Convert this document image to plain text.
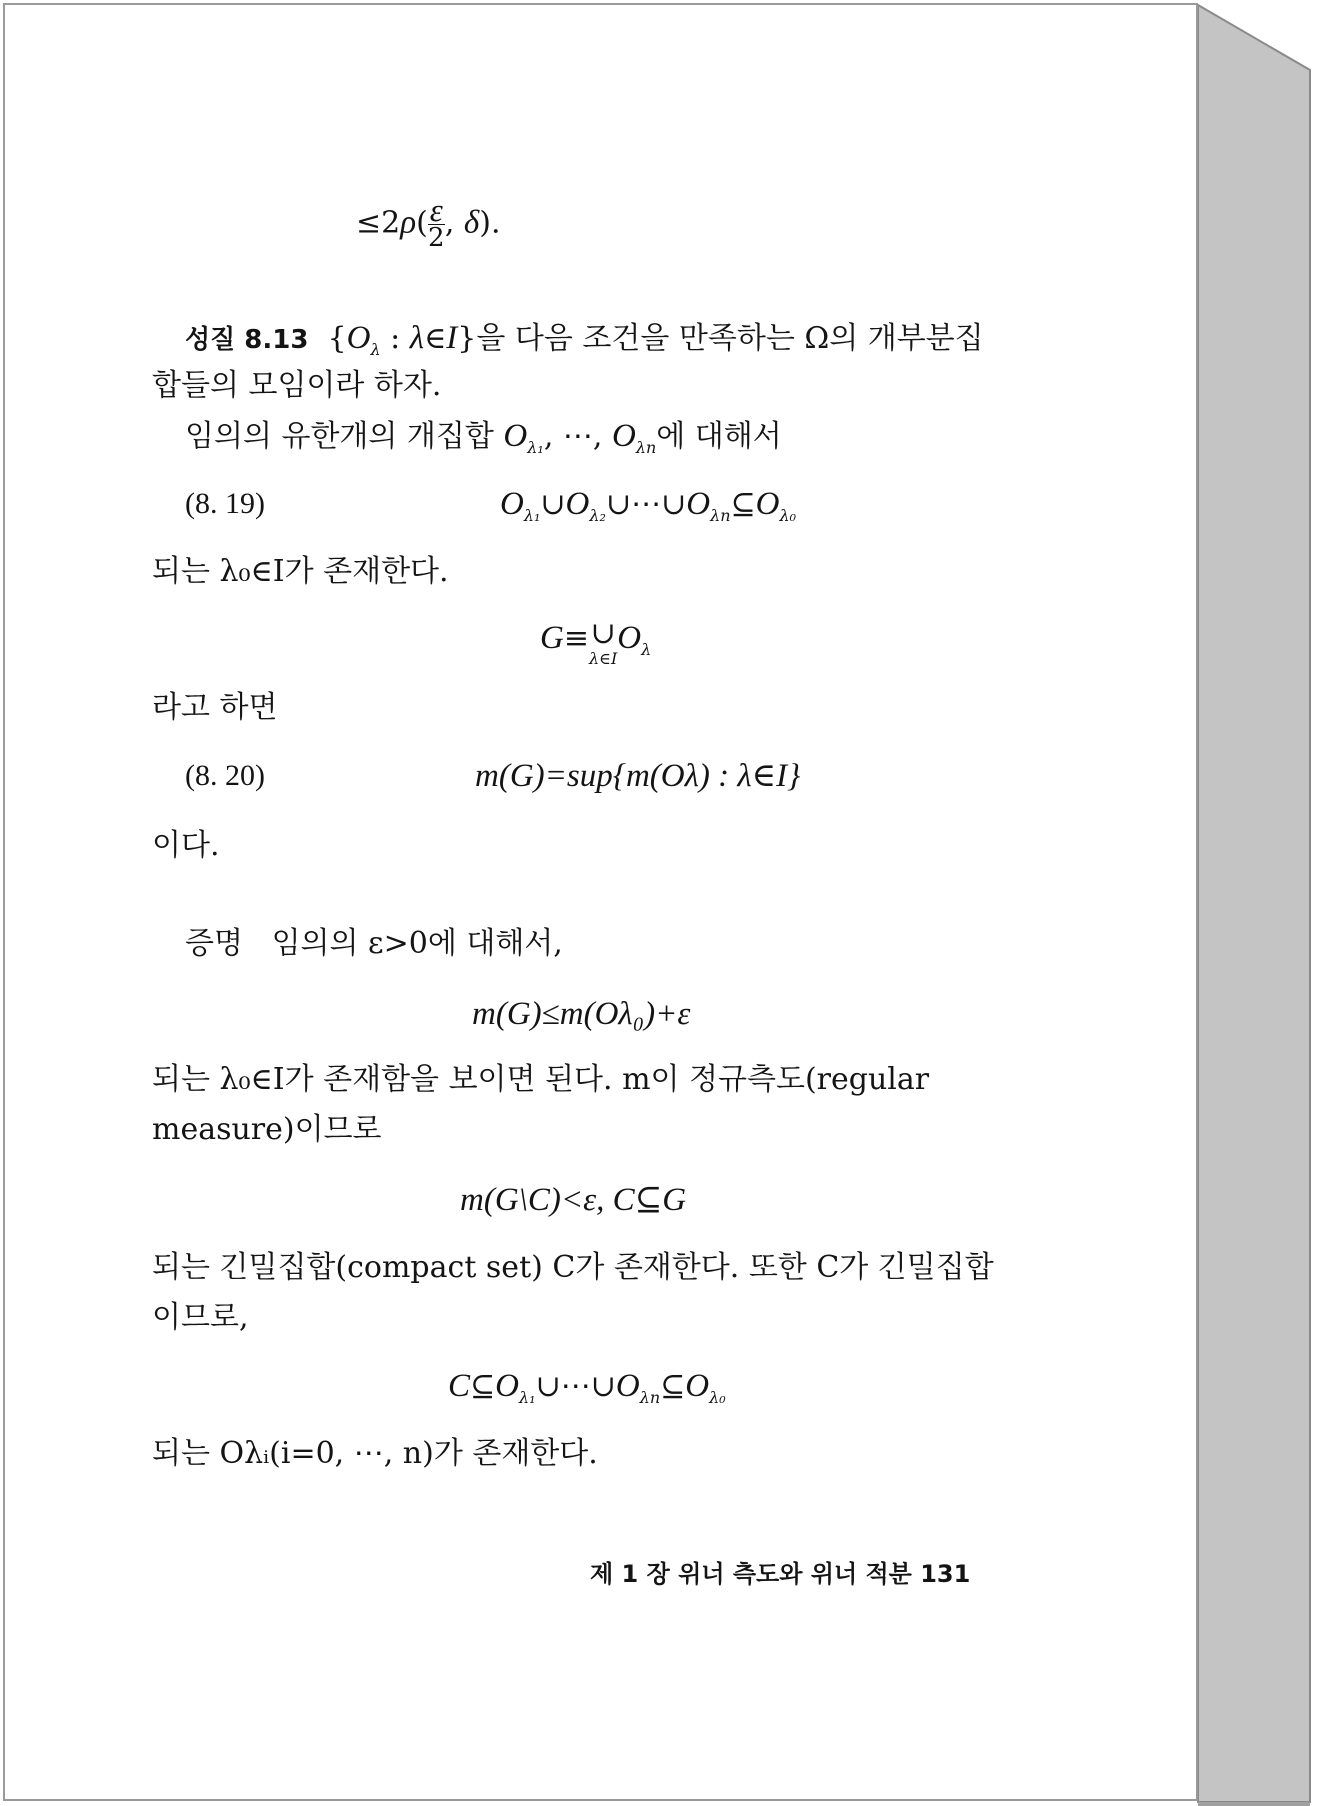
$\le 2\rho( \frac{\varepsilon}{2}$ , δ).
성질 8.13  {$O_\lambda$ : λ∈I}을 다음 조건을 만족하는 Ω의 개부분집
합들의 모임이라 하자.
임의의 유한개의 개집합 $O_{\lambda_1}$, ⋯, $O_{\lambda n}$에 대해서
(8. 19)	$O_{\lambda_1}\cup O_{\lambda_2}\cup\cdots\cup O_{\lambda n}⊆O_{\lambda_0}$
되는 λ₀∈I가 존재한다.
G≡ ∪
λ∈I
$O_\lambda$
라고 하면
(8. 20)	m(G)=sup{m(Oλ) : λ∈I}
이다.
증명 임의의 ε>0에 대해서,
m(G)≤m(Oλ₀)+ε
되는 λ₀∈I가 존재함을 보이면 된다. m이 정규측도(regular
measure)이므로
m(G\C)<ε, C⊆G
되는 긴밀집합(compact set) C가 존재한다. 또한 C가 긴밀집합
이므로,
$C⊆O_{\lambda_1}\cup\cdots\cup O_{\lambda n}⊆O_{\lambda_0}$
되는 Oλᵢ(i=0, ⋯, n)가 존재한다.
제 1 장 위너 측도와 위너 적분 131
